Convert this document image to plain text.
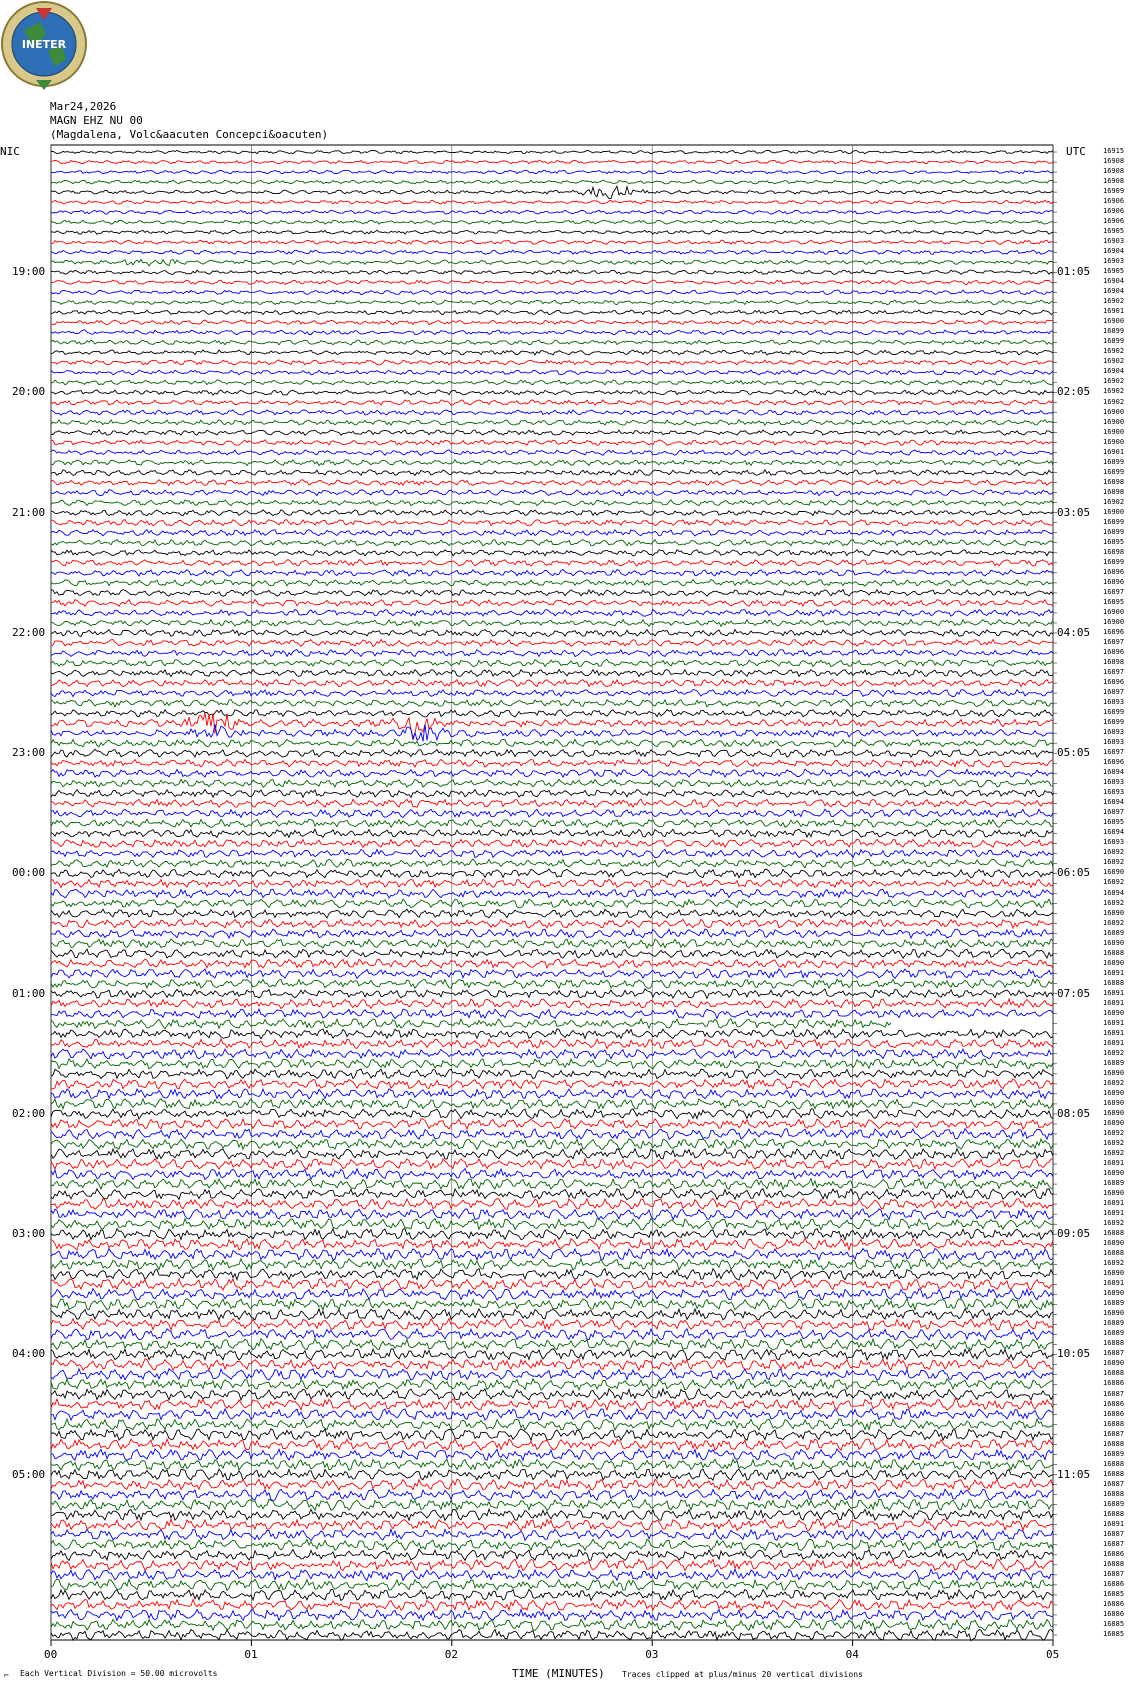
INETER
Mar24,2026
MAGN EHZ NU 00
(Magdalena, Volc&aacuten Concepci&oacuten)
NIC	UTC
19:00
20:00
21:00
22:00
23:00
00:00
01:00
02:00
03:00
04:00
05:00
01:05
02:05
03:05
04:05
05:05
06:05
07:05
08:05
09:05
10:05
11:05
16915
16908
16908
16908
16909
16906
16906
16906
16905
16903
16904
16903
16905
16904
16904
16902
16901
16900
16899
16899
16902
16902
16904
16902
16902
16902
16900
16900
16900
16900
16901
16899
16899
16898
16898
16902
16900
16899
16899
16895
16898
16899
16896
16896
16897
16895
16900
16900
16896
16897
16896
16898
16897
16896
16897
16893
16899
16899
16893
16893
16897
16896
16894
16893
16893
16894
16897
16895
16894
16893
16892
16892
16890
16892
16894
16892
16890
16892
16889
16890
16888
16890
16891
16888
16891
16891
16890
16891
16891
16891
16892
16889
16890
16892
16890
16890
16890
16890
16892
16892
16892
16891
16890
16889
16890
16891
16891
16892
16888
16890
16888
16892
16890
16891
16890
16889
16890
16889
16889
16888
16887
16890
16888
16886
16887
16886
16886
16888
16887
16888
16889
16888
16888
16887
16888
16889
16888
16891
16887
16887
16886
16888
16887
16886
16885
16886
16886
16885
16885
00	01	02	03	04	05
TIME (MINUTES)
⌐ Each Vertical Division = 50.00 microvolts	Traces clipped at plus/minus 20 vertical divisions
